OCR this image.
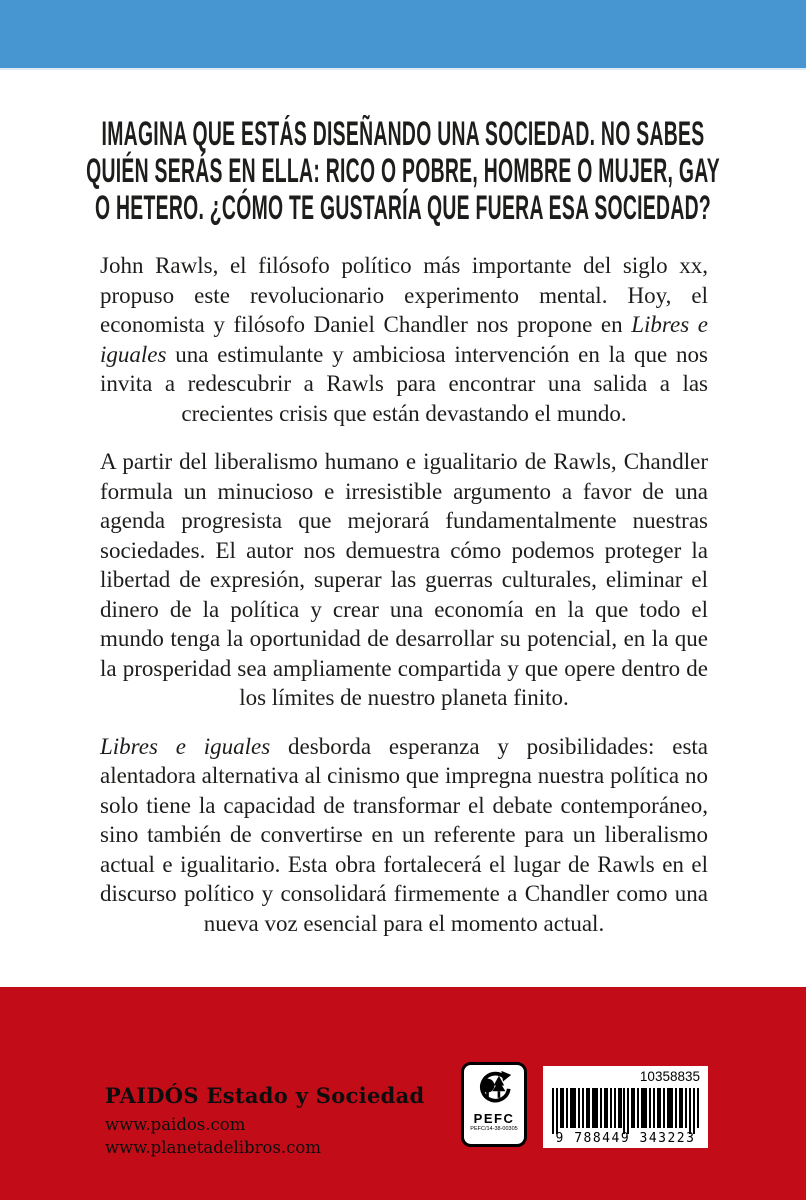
IMAGINA QUE ESTÁS DISEÑANDO UNA SOCIEDAD. NO SABES
QUIÉN SERÁS EN ELLA: RICO O POBRE, HOMBRE O MUJER, GAY
O HETERO. ¿CÓMO TE GUSTARÍA QUE FUERA ESA SOCIEDAD?

John Rawls, el filósofo político más importante del siglo xx, propuso este revolucionario experimento mental. Hoy, el economista y filósofo Daniel Chandler nos propone en Libres e iguales una estimulante y ambiciosa intervención en la que nos invita a redescubrir a Rawls para encontrar una salida a las crecientes crisis que están devastando el mundo.

A partir del liberalismo humano e igualitario de Rawls, Chandler formula un minucioso e irresistible argumento a favor de una agenda progresista que mejorará fundamentalmente nuestras sociedades. El autor nos demuestra cómo podemos proteger la libertad de expresión, superar las guerras culturales, eliminar el dinero de la política y crear una economía en la que todo el mundo tenga la oportunidad de desarrollar su potencial, en la que la prosperidad sea ampliamente compartida y que opere dentro de los límites de nuestro planeta finito.

Libres e iguales desborda esperanza y posibilidades: esta alentadora alternativa al cinismo que impregna nuestra política no solo tiene la capacidad de transformar el debate contemporáneo, sino también de convertirse en un referente para un liberalismo actual e igualitario. Esta obra fortalecerá el lugar de Rawls en el discurso político y consolidará firmemente a Chandler como una nueva voz esencial para el momento actual.

PAIDÓS Estado y Sociedad
www.paidos.com
www.planetadelibros.com
PEFC
PEFC/14-38-00305
10358835
9 788449 343223
